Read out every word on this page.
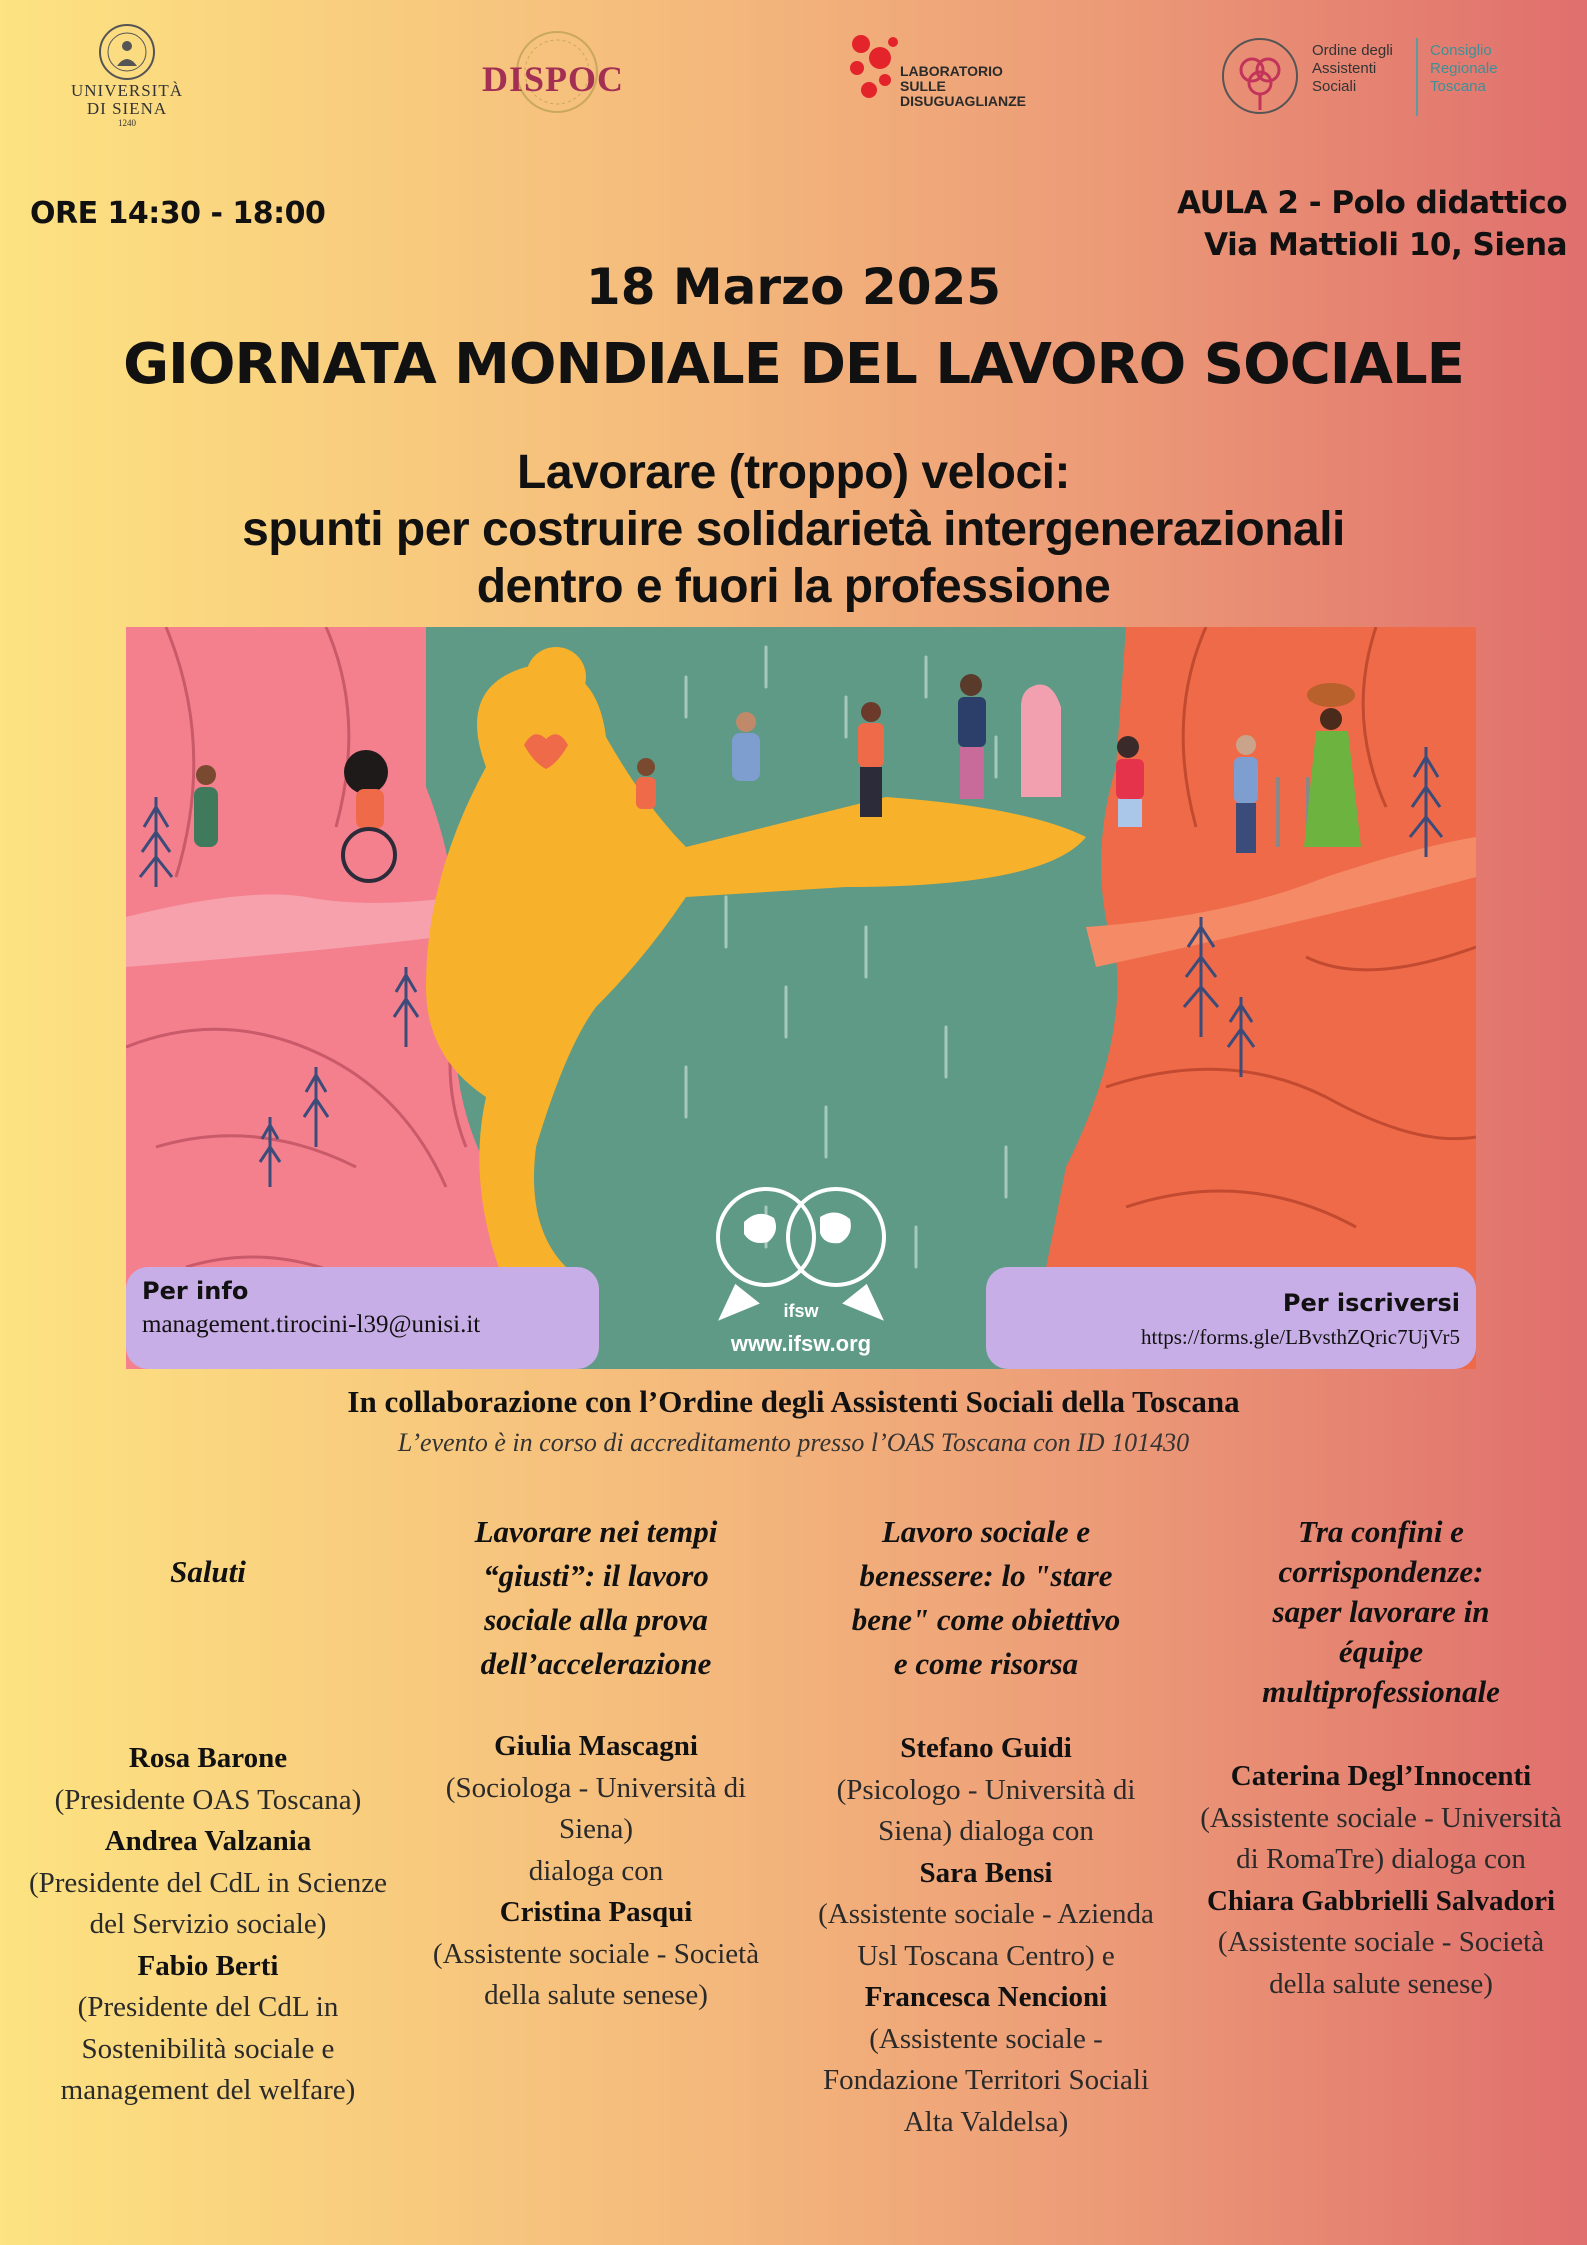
UNIVERSITÀ
DI SIENA
1240
DISPOC	LABORATORIO
SULLE
DISUGUAGLIANZE
Ordine degli
Assistenti
Sociali
Consiglio
Regionale
Toscana
ORE 14:30 - 18:00	AULA 2 - Polo didattico
Via Mattioli 10, Siena
18 Marzo 2025
GIORNATA MONDIALE DEL LAVORO SOCIALE
Lavorare (troppo) veloci:
spunti per costruire solidarietà intergenerazionali
dentro e fuori la professione
ifsw
Per info
management.tirocini-l39@unisi.it
www.ifsw.org
Per iscriversi
https://forms.gle/LBvsthZQric7UjVr5
In collaborazione con l’Ordine degli Assistenti Sociali della Toscana
L’evento è in corso di accreditamento presso l’OAS Toscana con ID 101430
Saluti
Rosa Barone
(Presidente OAS Toscana)
Andrea Valzania
(Presidente del CdL in Scienze del Servizio sociale)
Fabio Berti
(Presidente del CdL in Sostenibilità sociale e management del welfare)
Lavorare nei tempi
“giusti”: il lavoro
sociale alla prova
dell’accelerazione
Giulia Mascagni
(Sociologa - Università di Siena)
dialoga con
Cristina Pasqui
(Assistente sociale - Società della salute senese)
Lavoro sociale e
benessere: lo "stare
bene" come obiettivo
e come risorsa
Stefano Guidi
(Psicologo - Università di Siena) dialoga con
Sara Bensi
(Assistente sociale - Azienda Usl Toscana Centro) e
Francesca Nencioni
(Assistente sociale - Fondazione Territori Sociali Alta Valdelsa)
Tra confini e
corrispondenze:
saper lavorare in
équipe
multiprofessionale
Caterina Degl’Innocenti
(Assistente sociale - Università di RomaTre) dialoga con
Chiara Gabbrielli Salvadori
(Assistente sociale - Società della salute senese)
